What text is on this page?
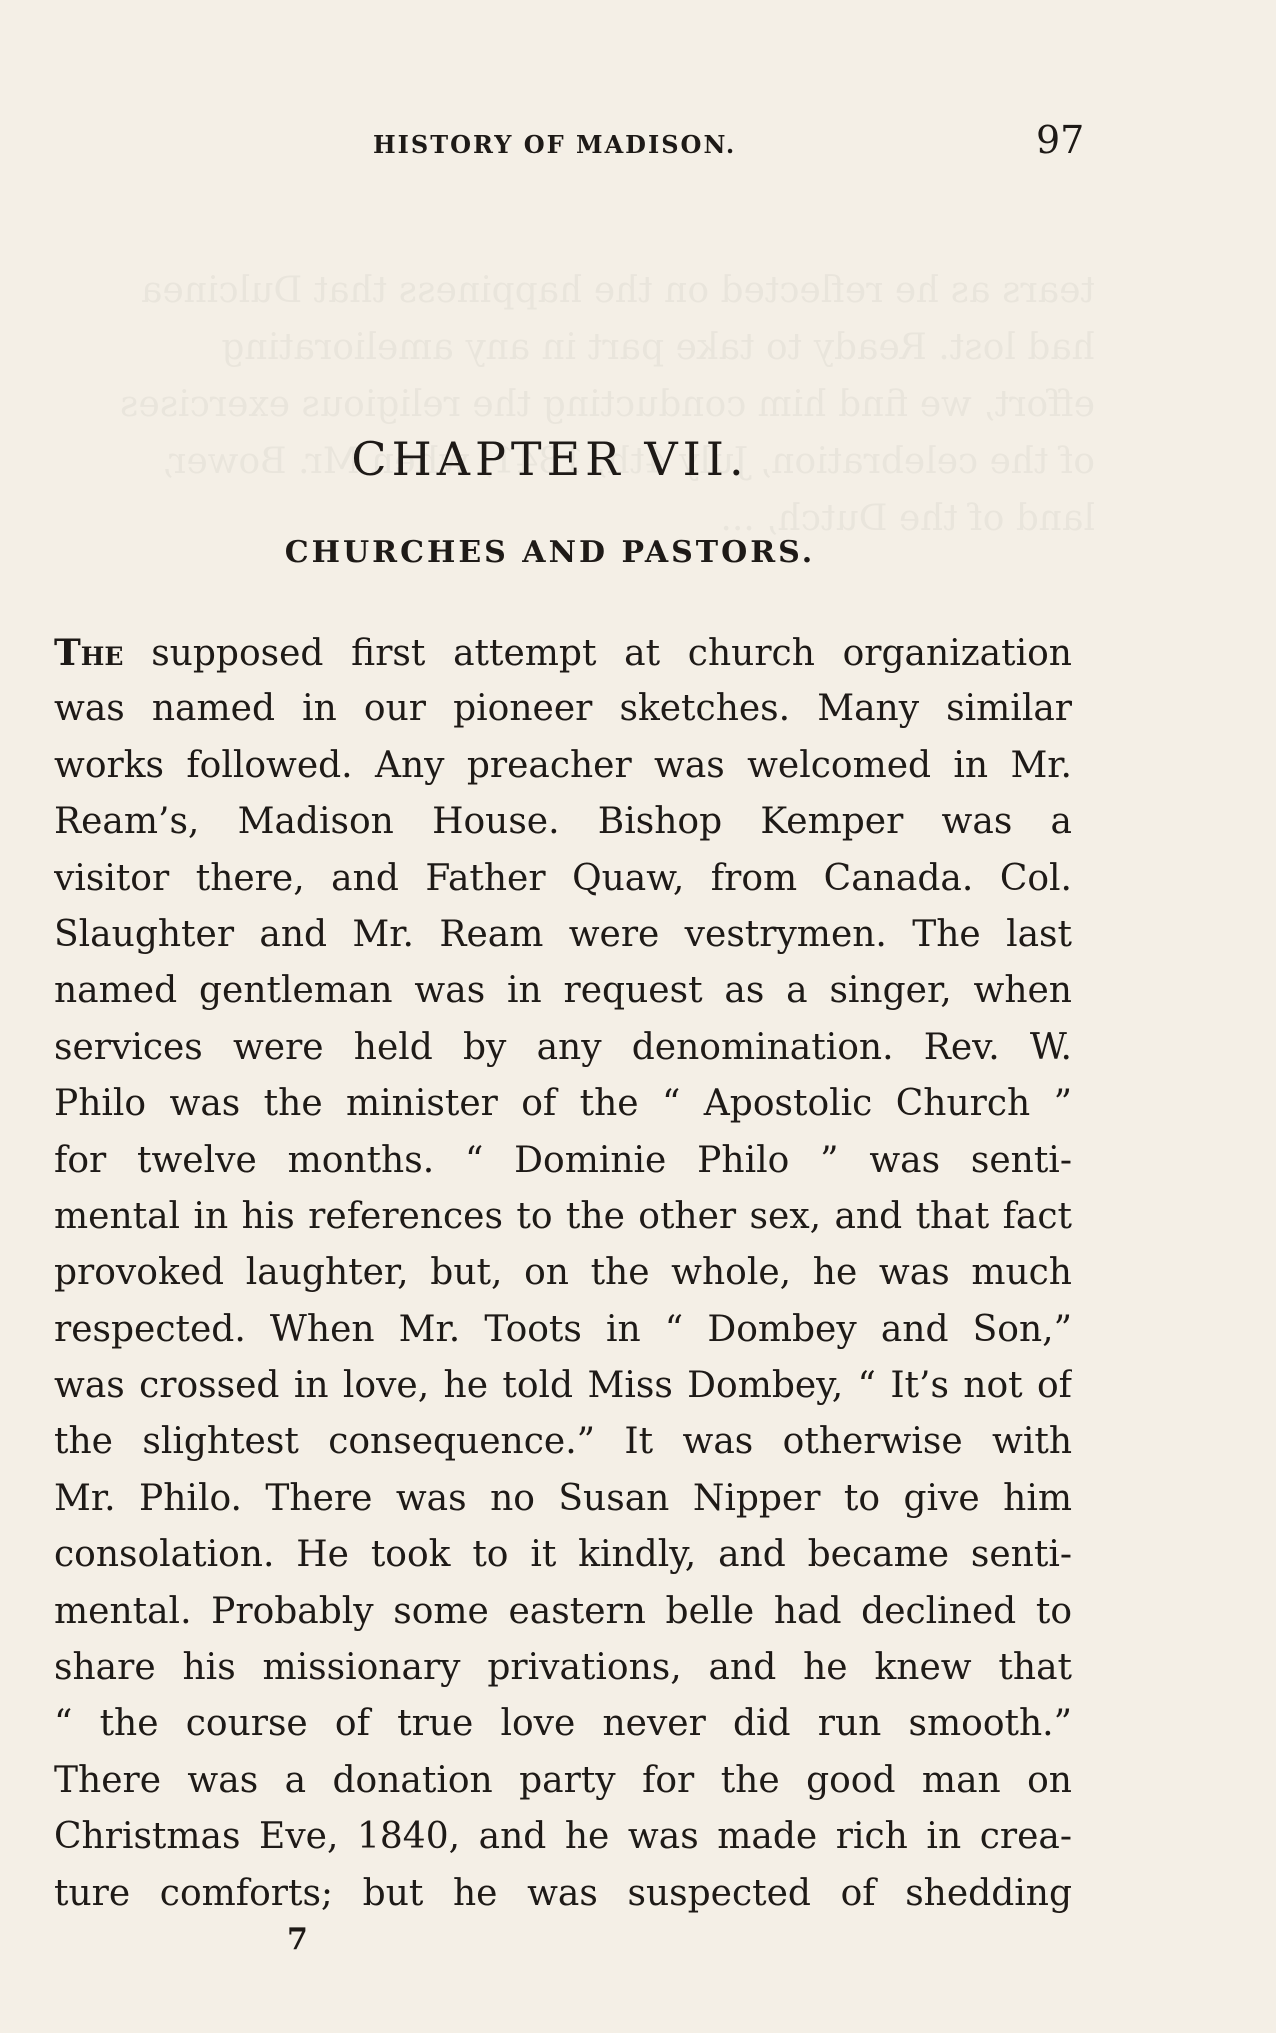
HISTORY OF MADISON.	97
CHAPTER VII.
CHURCHES AND PASTORS.
The supposed first attempt at church organization
was named in our pioneer sketches. Many similar
works followed. Any preacher was welcomed in Mr.
Ream’s, Madison House. Bishop Kemper was a
visitor there, and Father Quaw, from Canada. Col.
Slaughter and Mr. Ream were vestrymen. The last
named gentleman was in request as a singer, when
services were held by any denomination. Rev. W.
Philo was the minister of the “ Apostolic Church ”
for twelve months. “ Dominie Philo ” was senti-
mental in his references to the other sex, and that fact
provoked laughter, but, on the whole, he was much
respected. When Mr. Toots in “ Dombey and Son,”
was crossed in love, he told Miss Dombey, “ It’s not of
the slightest consequence.” It was otherwise with
Mr. Philo. There was no Susan Nipper to give him
consolation. He took to it kindly, and became senti-
mental. Probably some eastern belle had declined to
share his missionary privations, and he knew that
“ the course of true love never did run smooth.”
There was a donation party for the good man on
Christmas Eve, 1840, and he was made rich in crea-
ture comforts; but he was suspected of shedding
7
